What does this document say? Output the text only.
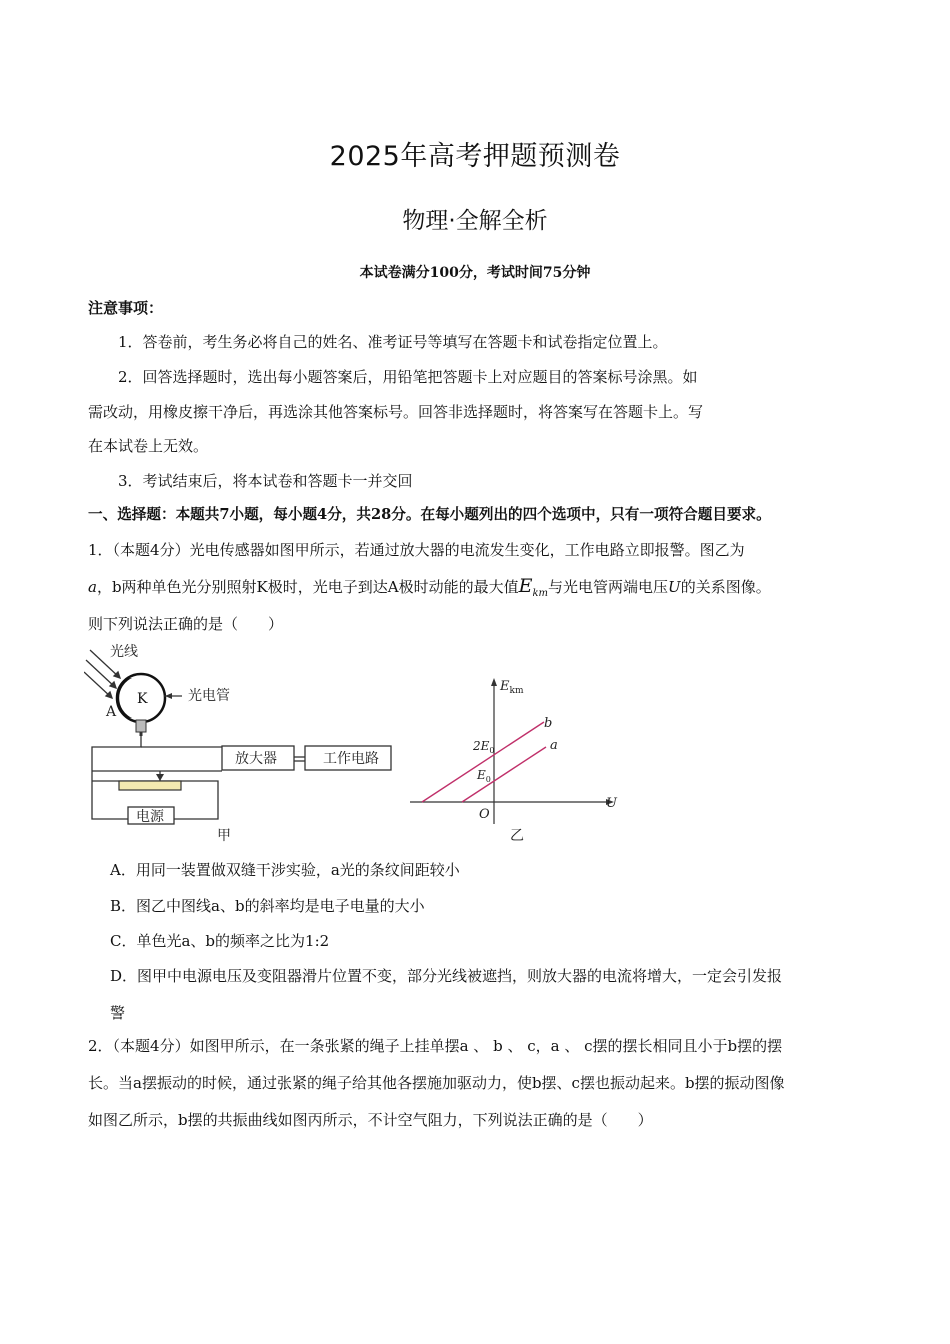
2025年高考押题预测卷
物理·全解全析
本试卷满分100分，考试时间75分钟
注意事项：
1．答卷前，考生务必将自己的姓名、准考证号等填写在答题卡和试卷指定位置上。
2．回答选择题时，选出每小题答案后，用铅笔把答题卡上对应题目的答案标号涂黑。如
需改动，用橡皮擦干净后，再选涂其他答案标号。回答非选择题时，将答案写在答题卡上。写
在本试卷上无效。
3．考试结束后，将本试卷和答题卡一并交回
一、选择题：本题共7小题，每小题4分，共28分。在每小题列出的四个选项中，只有一项符合题目要求。
1．（本题4分）光电传感器如图甲所示，若通过放大器的电流发生变化，工作电路立即报警。图乙为
a，b两种单色光分别照射K极时，光电子到达A极时动能的最大值$E_{km}$与光电管两端电压U的关系图像。
则下列说法正确的是（　　）
光线
光电管
K
A
放大器	工作电路
电源
甲
$E_{km}$
U
O
$2E_0$
$E_0$
b
a
乙
A．用同一装置做双缝干涉实验，a光的条纹间距较小
B．图乙中图线a、b的斜率均是电子电量的大小
C．单色光a、b的频率之比为1:2
D．图甲中电源电压及变阻器滑片位置不变，部分光线被遮挡，则放大器的电流将增大，一定会引发报
警
2．（本题4分）如图甲所示，在一条张紧的绳子上挂单摆a 、 b 、 c，a 、 c摆的摆长相同且小于b摆的摆
长。当a摆振动的时候，通过张紧的绳子给其他各摆施加驱动力，使b摆、c摆也振动起来。b摆的振动图像
如图乙所示，b摆的共振曲线如图丙所示，不计空气阻力，下列说法正确的是（　　）
